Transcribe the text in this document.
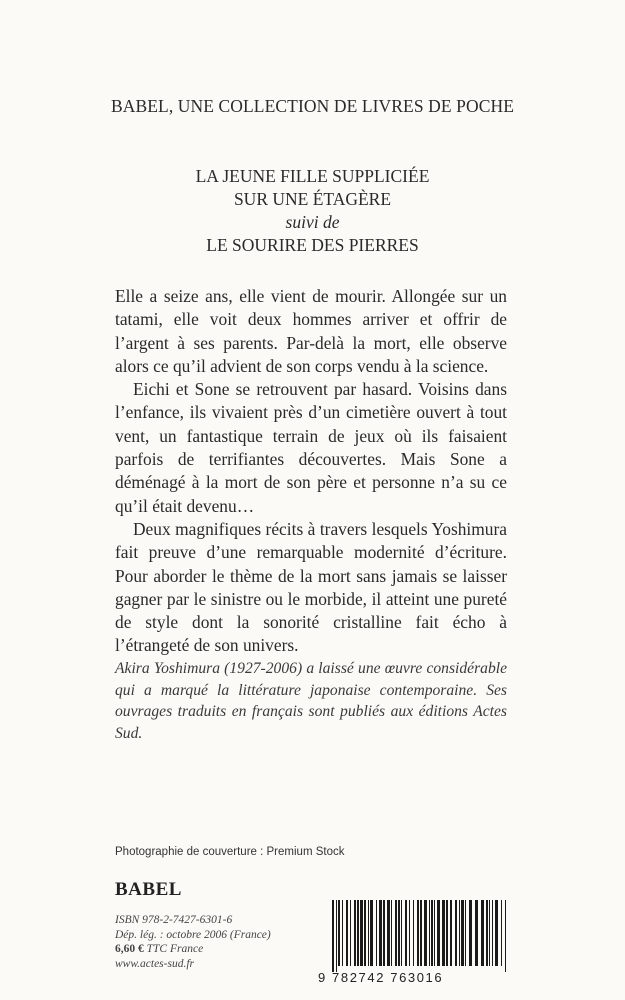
BABEL, UNE COLLECTION DE LIVRES DE POCHE
LA JEUNE FILLE SUPPLICIÉE
SUR UNE ÉTAGÈRE
suivi de
LE SOURIRE DES PIERRES

Elle a seize ans, elle vient de mourir. Allongée sur un tatami, elle voit deux hommes arriver et offrir de l’argent à ses parents. Par-delà la mort, elle observe alors ce qu’il advient de son corps vendu à la science.

Eichi et Sone se retrouvent par hasard. Voisins dans l’enfance, ils vivaient près d’un cimetière ouvert à tout vent, un fantastique terrain de jeux où ils faisaient parfois de terrifiantes découvertes. Mais Sone a déménagé à la mort de son père et personne n’a su ce qu’il était devenu…

Deux magnifiques récits à travers lesquels Yoshimura fait preuve d’une remarquable modernité d’écriture. Pour aborder le thème de la mort sans jamais se laisser gagner par le sinistre ou le morbide, il atteint une pureté de style dont la sonorité cristalline fait écho à l’étrangeté de son univers.

Akira Yoshimura (1927-2006) a laissé une œuvre considérable qui a marqué la littérature japonaise contemporaine. Ses ouvrages traduits en français sont publiés aux éditions Actes Sud.
Photographie de couverture : Premium Stock
BABEL
ISBN 978-2-7427-6301-6
Dép. lég. : octobre 2006 (France)
6,60 € TTC France
www.actes-sud.fr
9 782742 763016
